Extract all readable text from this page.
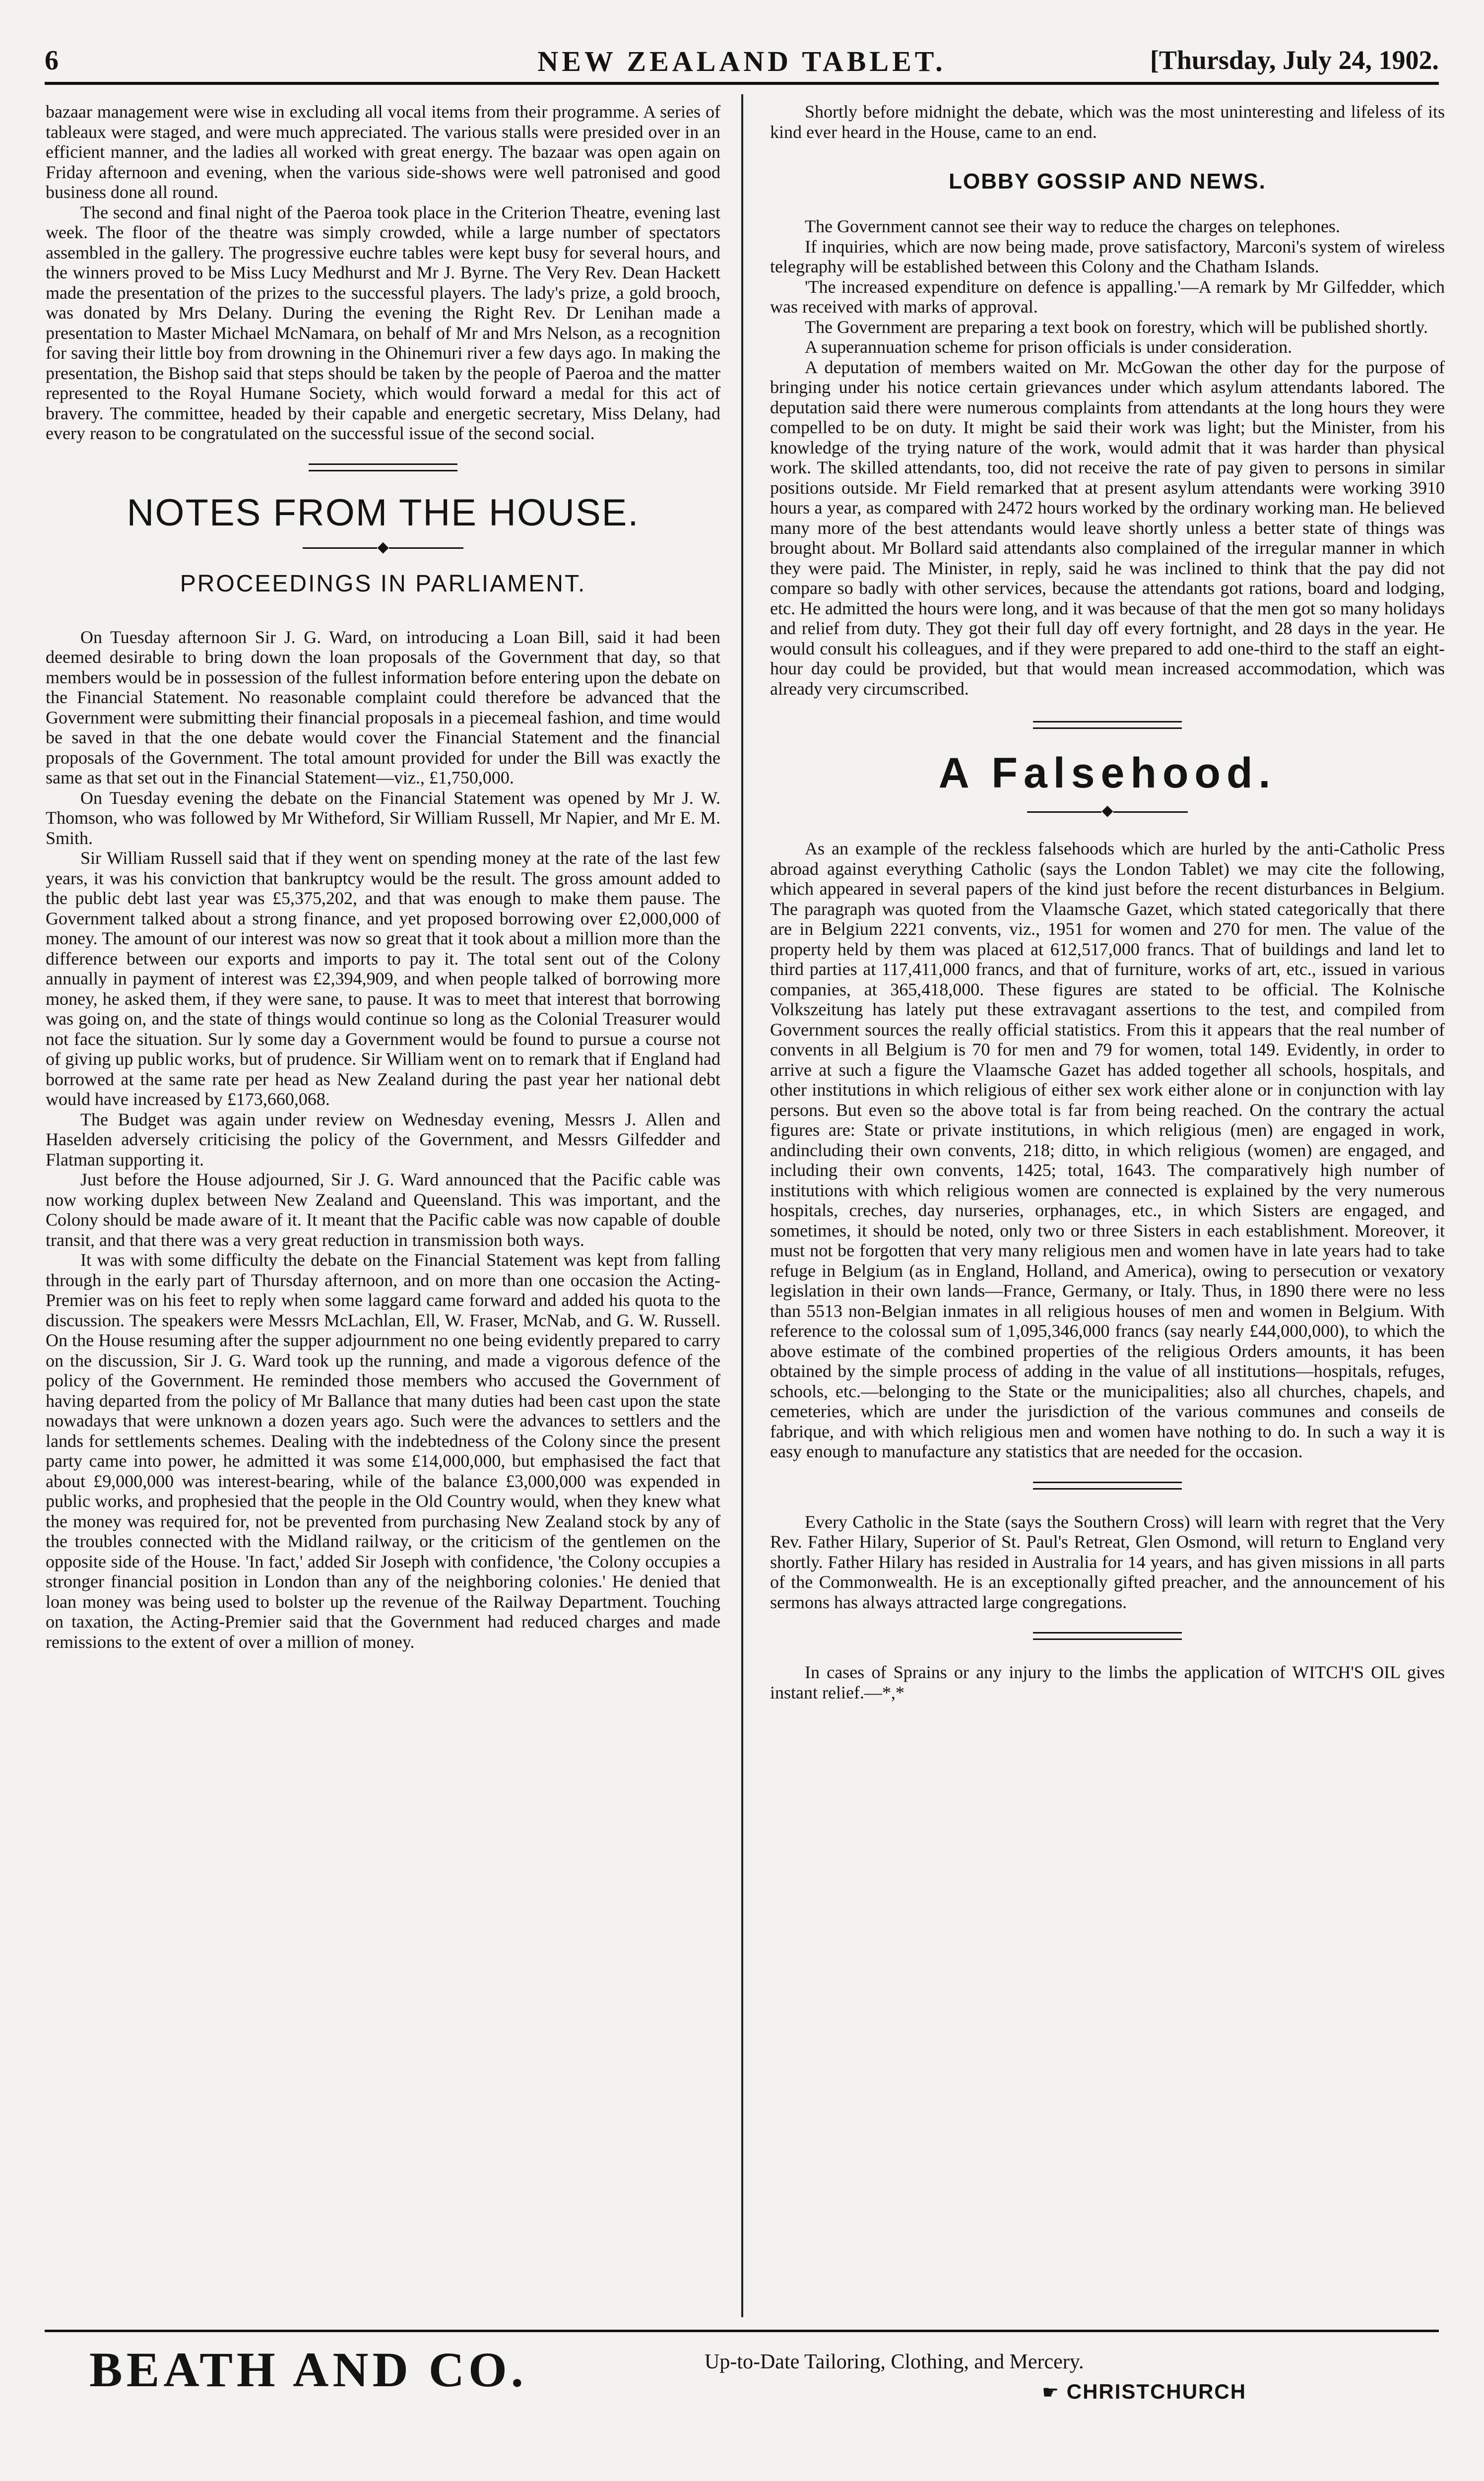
6	NEW ZEALAND TABLET.	[Thursday, July 24, 1902.

bazaar management were wise in excluding all vocal items from their programme. A series of tableaux were staged, and were much appreciated. The various stalls were presided over in an efficient manner, and the ladies all worked with great energy. The bazaar was open again on Friday afternoon and evening, when the various side-shows were well patronised and good business done all round.

The second and final night of the Paeroa took place in the Criterion Theatre, evening last week. The floor of the theatre was simply crowded, while a large number of spectators assembled in the gallery. The progressive euchre tables were kept busy for several hours, and the winners proved to be Miss Lucy Medhurst and Mr J. Byrne. The Very Rev. Dean Hackett made the presentation of the prizes to the successful players. The lady's prize, a gold brooch, was donated by Mrs Delany. During the evening the Right Rev. Dr Lenihan made a presentation to Master Michael McNamara, on behalf of Mr and Mrs Nelson, as a recognition for saving their little boy from drowning in the Ohinemuri river a few days ago. In making the presentation, the Bishop said that steps should be taken by the people of Paeroa and the matter represented to the Royal Humane Society, which would forward a medal for this act of bravery. The committee, headed by their capable and energetic secretary, Miss Delany, had every reason to be congratulated on the successful issue of the second social.

NOTES FROM THE HOUSE.
◆
PROCEEDINGS IN PARLIAMENT.

On Tuesday afternoon Sir J. G. Ward, on introducing a Loan Bill, said it had been deemed desirable to bring down the loan proposals of the Government that day, so that members would be in possession of the fullest information before entering upon the debate on the Financial Statement. No reasonable complaint could therefore be advanced that the Government were submitting their financial proposals in a piecemeal fashion, and time would be saved in that the one debate would cover the Financial Statement and the financial proposals of the Government. The total amount provided for under the Bill was exactly the same as that set out in the Financial Statement—viz., £1,750,000.

On Tuesday evening the debate on the Financial Statement was opened by Mr J. W. Thomson, who was followed by Mr Witheford, Sir William Russell, Mr Napier, and Mr E. M. Smith.

Sir William Russell said that if they went on spending money at the rate of the last few years, it was his conviction that bankruptcy would be the result. The gross amount added to the public debt last year was £5,375,202, and that was enough to make them pause. The Government talked about a strong finance, and yet proposed borrowing over £2,000,000 of money. The amount of our interest was now so great that it took about a million more than the difference between our exports and imports to pay it. The total sent out of the Colony annually in payment of interest was £2,394,909, and when people talked of borrowing more money, he asked them, if they were sane, to pause. It was to meet that interest that borrowing was going on, and the state of things would continue so long as the Colonial Treasurer would not face the situation. Sur ly some day a Government would be found to pursue a course not of giving up public works, but of prudence. Sir William went on to remark that if England had borrowed at the same rate per head as New Zealand during the past year her national debt would have increased by £173,660,068.

The Budget was again under review on Wednesday evening, Messrs J. Allen and Haselden adversely criticising the policy of the Government, and Messrs Gilfedder and Flatman supporting it.

Just before the House adjourned, Sir J. G. Ward announced that the Pacific cable was now working duplex between New Zealand and Queensland. This was important, and the Colony should be made aware of it. It meant that the Pacific cable was now capable of double transit, and that there was a very great reduction in transmission both ways.

It was with some difficulty the debate on the Financial Statement was kept from falling through in the early part of Thursday afternoon, and on more than one occasion the Acting-Premier was on his feet to reply when some laggard came forward and added his quota to the discussion. The speakers were Messrs McLachlan, Ell, W. Fraser, McNab, and G. W. Russell. On the House resuming after the supper adjournment no one being evidently prepared to carry on the discussion, Sir J. G. Ward took up the running, and made a vigorous defence of the policy of the Government. He reminded those members who accused the Government of having departed from the policy of Mr Ballance that many duties had been cast upon the state nowadays that were unknown a dozen years ago. Such were the advances to settlers and the lands for settlements schemes. Dealing with the indebtedness of the Colony since the present party came into power, he admitted it was some £14,000,000, but emphasised the fact that about £9,000,000 was interest-bearing, while of the balance £3,000,000 was expended in public works, and prophesied that the people in the Old Country would, when they knew what the money was required for, not be prevented from purchasing New Zealand stock by any of the troubles connected with the Midland railway, or the criticism of the gentlemen on the opposite side of the House. 'In fact,' added Sir Joseph with confidence, 'the Colony occupies a stronger financial position in London than any of the neighboring colonies.' He denied that loan money was being used to bolster up the revenue of the Railway Department. Touching on taxation, the Acting-Premier said that the Government had reduced charges and made remissions to the extent of over a million of money.

Shortly before midnight the debate, which was the most uninteresting and lifeless of its kind ever heard in the House, came to an end.

LOBBY GOSSIP AND NEWS.

The Government cannot see their way to reduce the charges on telephones.

If inquiries, which are now being made, prove satisfactory, Marconi's system of wireless telegraphy will be established between this Colony and the Chatham Islands.

'The increased expenditure on defence is appalling.'—A remark by Mr Gilfedder, which was received with marks of approval.

The Government are preparing a text book on forestry, which will be published shortly.

A superannuation scheme for prison officials is under consideration.

A deputation of members waited on Mr. McGowan the other day for the purpose of bringing under his notice certain grievances under which asylum attendants labored. The deputation said there were numerous complaints from attendants at the long hours they were compelled to be on duty. It might be said their work was light; but the Minister, from his knowledge of the trying nature of the work, would admit that it was harder than physical work. The skilled attendants, too, did not receive the rate of pay given to persons in similar positions outside. Mr Field remarked that at present asylum attendants were working 3910 hours a year, as compared with 2472 hours worked by the ordinary working man. He believed many more of the best attendants would leave shortly unless a better state of things was brought about. Mr Bollard said attendants also complained of the irregular manner in which they were paid. The Minister, in reply, said he was inclined to think that the pay did not compare so badly with other services, because the attendants got rations, board and lodging, etc. He admitted the hours were long, and it was because of that the men got so many holidays and relief from duty. They got their full day off every fortnight, and 28 days in the year. He would consult his colleagues, and if they were prepared to add one-third to the staff an eight-hour day could be provided, but that would mean increased accommodation, which was already very circumscribed.

A Falsehood.
◆

As an example of the reckless falsehoods which are hurled by the anti-Catholic Press abroad against everything Catholic (says the London Tablet) we may cite the following, which appeared in several papers of the kind just before the recent disturbances in Belgium. The paragraph was quoted from the Vlaamsche Gazet, which stated categorically that there are in Belgium 2221 convents, viz., 1951 for women and 270 for men. The value of the property held by them was placed at 612,517,000 francs. That of buildings and land let to third parties at 117,411,000 francs, and that of furniture, works of art, etc., issued in various companies, at 365,418,000. These figures are stated to be official. The Kolnische Volkszeitung has lately put these extravagant assertions to the test, and compiled from Government sources the really official statistics. From this it appears that the real number of convents in all Belgium is 70 for men and 79 for women, total 149. Evidently, in order to arrive at such a figure the Vlaamsche Gazet has added together all schools, hospitals, and other institutions in which religious of either sex work either alone or in conjunction with lay persons. But even so the above total is far from being reached. On the contrary the actual figures are: State or private institutions, in which religious (men) are engaged in work, andincluding their own convents, 218; ditto, in which religious (women) are engaged, and including their own convents, 1425; total, 1643. The comparatively high number of institutions with which religious women are connected is explained by the very numerous hospitals, creches, day nurseries, orphanages, etc., in which Sisters are engaged, and sometimes, it should be noted, only two or three Sisters in each establishment. Moreover, it must not be forgotten that very many religious men and women have in late years had to take refuge in Belgium (as in England, Holland, and America), owing to persecution or vexatory legislation in their own lands—France, Germany, or Italy. Thus, in 1890 there were no less than 5513 non-Belgian inmates in all religious houses of men and women in Belgium. With reference to the colossal sum of 1,095,346,000 francs (say nearly £44,000,000), to which the above estimate of the combined properties of the religious Orders amounts, it has been obtained by the simple process of adding in the value of all institutions—hospitals, refuges, schools, etc.—belonging to the State or the municipalities; also all churches, chapels, and cemeteries, which are under the jurisdiction of the various communes and conseils de fabrique, and with which religious men and women have nothing to do. In such a way it is easy enough to manufacture any statistics that are needed for the occasion.

Every Catholic in the State (says the Southern Cross) will learn with regret that the Very Rev. Father Hilary, Superior of St. Paul's Retreat, Glen Osmond, will return to England very shortly. Father Hilary has resided in Australia for 14 years, and has given missions in all parts of the Commonwealth. He is an exceptionally gifted preacher, and the announcement of his sermons has always attracted large congregations.

In cases of Sprains or any injury to the limbs the application of WITCH'S OIL gives instant relief.—*,*

BEATH AND CO.	Up-to-Date Tailoring, Clothing, and Mercery.
☛ CHRISTCHURCH
